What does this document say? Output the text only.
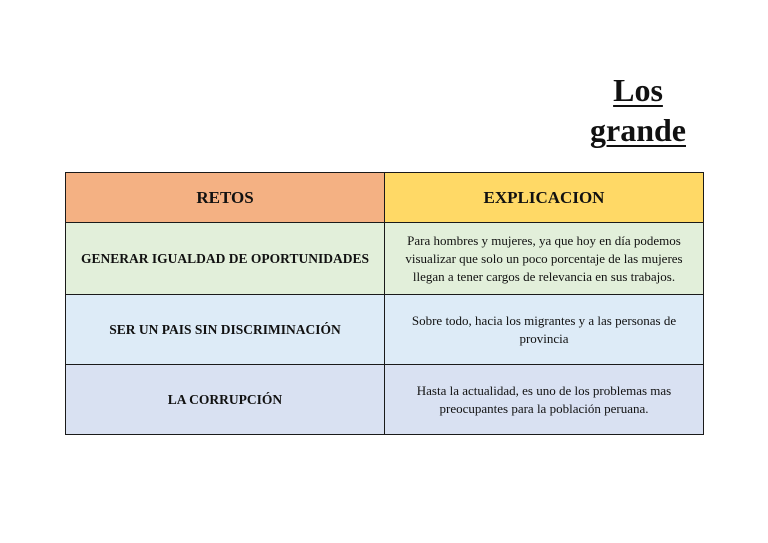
Los
grande
RETOS	EXPLICACION
GENERAR IGUALDAD DE OPORTUNIDADES	Para hombres y mujeres, ya que hoy en día podemos visualizar que solo un poco porcentaje de las mujeres llegan a tener cargos de relevancia en sus trabajos.
SER UN PAIS SIN DISCRIMINACIÓN	Sobre todo, hacia los migrantes y a las personas de provincia
LA CORRUPCIÓN	Hasta la actualidad, es uno de los problemas mas preocupantes para la población peruana.
